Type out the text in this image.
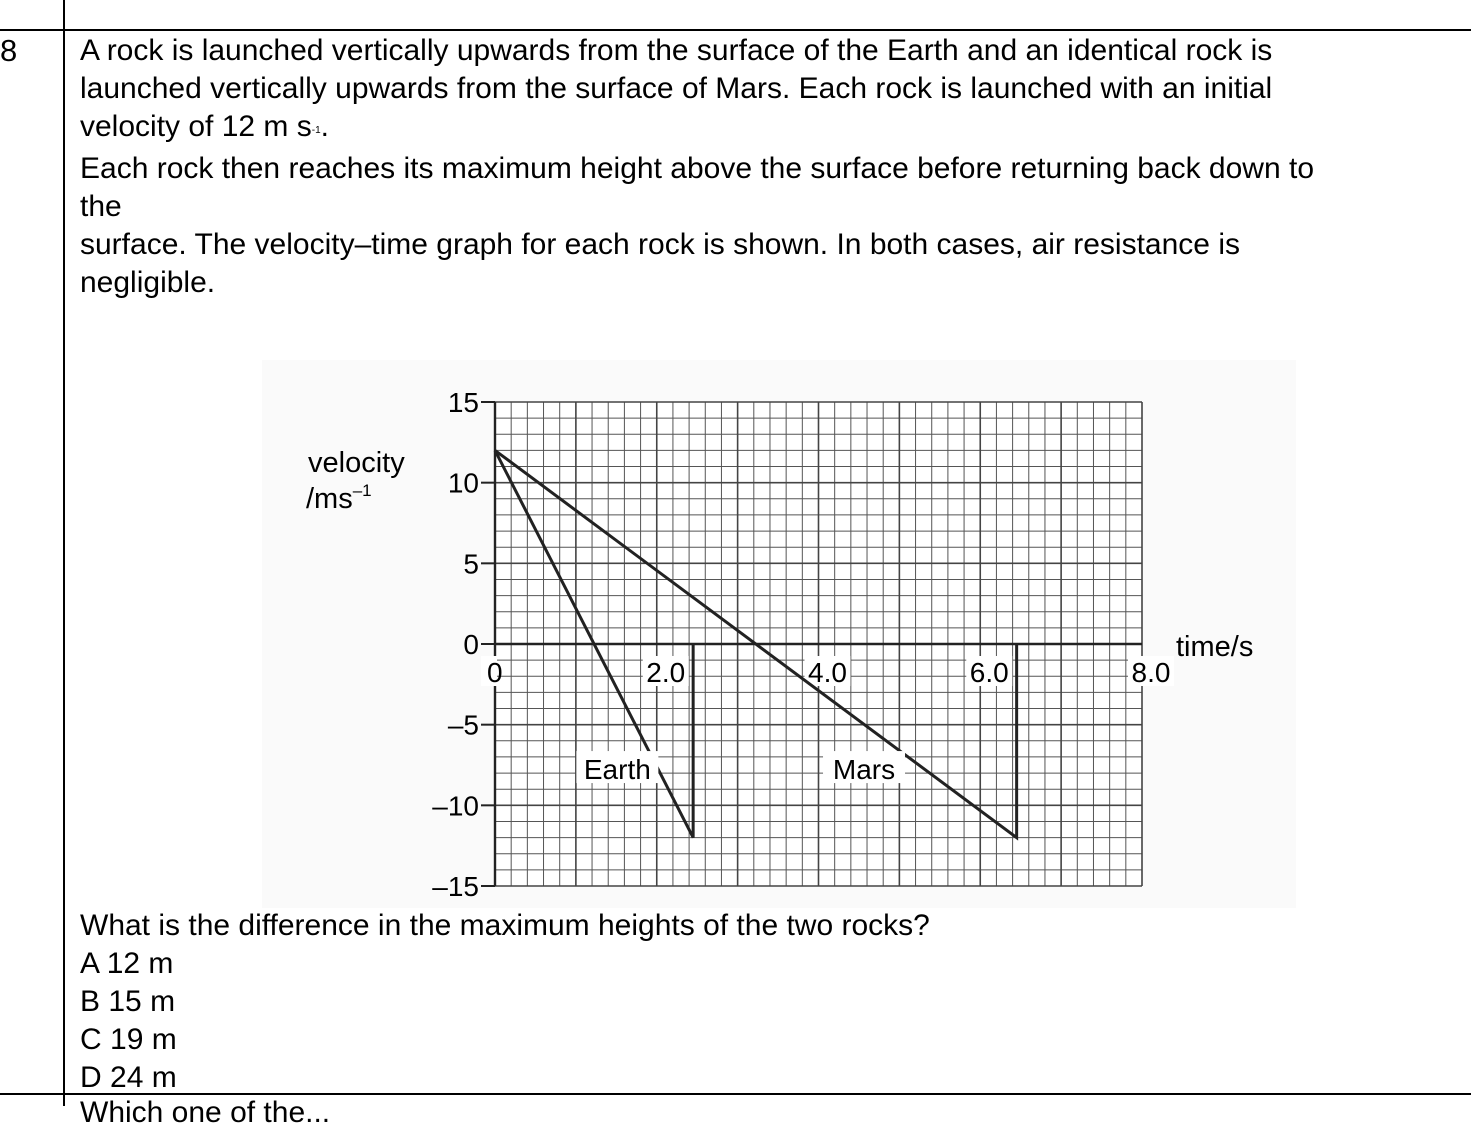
8 A rock is launched vertically upwards from the surface of the Earth and an identical rock is

launched vertically upwards from the surface of Mars. Each rock is launched with an initial

velocity of 12 m s-1.

Each rock then reaches its maximum height above the surface before returning back down to

the

surface. The velocity–time graph for each rock is shown. In both cases, air resistance is

negligible.

15
10
5
0
–5
–10
–15
0	2.0	4.0	6.0	8.0
Earth	Mars
velocity
$/ms^{-1}$
time/s
What is the difference in the maximum heights of the two rocks?
A 12 m
B 15 m
C 19 m
D 24 m
Which one of the...
